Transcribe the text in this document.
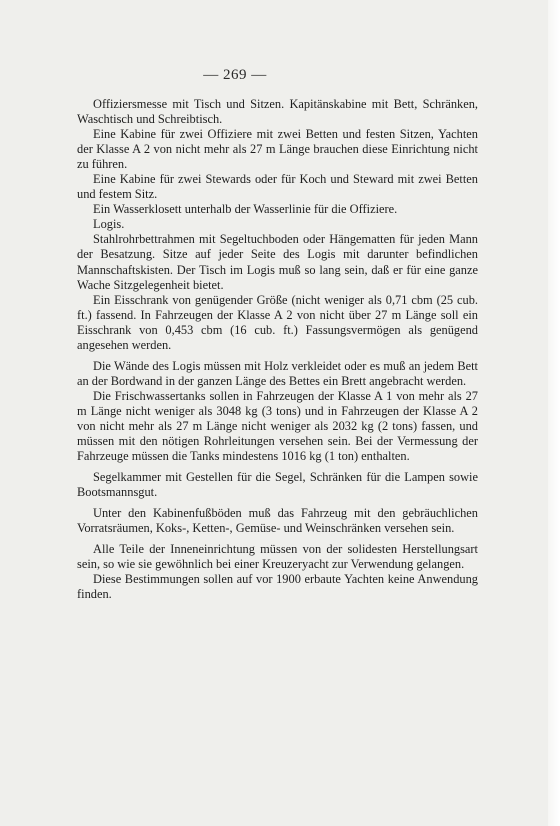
— 269 —

Offiziersmesse mit Tisch und Sitzen. Kapitänskabine mit Bett, Schränken, Waschtisch und Schreibtisch.

Eine Kabine für zwei Offiziere mit zwei Betten und festen Sitzen, Yachten der Klasse A 2 von nicht mehr als 27 m Länge brauchen diese Einrichtung nicht zu führen.

Eine Kabine für zwei Stewards oder für Koch und Steward mit zwei Betten und festem Sitz.

Ein Wasserklosett unterhalb der Wasserlinie für die Offiziere.

Logis.

Stahlrohrbettrahmen mit Segeltuchboden oder Hängematten für jeden Mann der Besatzung. Sitze auf jeder Seite des Logis mit darunter befindlichen Mannschaftskisten. Der Tisch im Logis muß so lang sein, daß er für eine ganze Wache Sitzgelegenheit bietet.

Ein Eisschrank von genügender Größe (nicht weniger als 0,71 cbm (25 cub. ft.) fassend. In Fahrzeugen der Klasse A 2 von nicht über 27 m Länge soll ein Eisschrank von 0,453 cbm (16 cub. ft.) Fassungsvermögen als genügend angesehen werden.

Die Wände des Logis müssen mit Holz verkleidet oder es muß an jedem Bett an der Bordwand in der ganzen Länge des Bettes ein Brett angebracht werden.

Die Frischwassertanks sollen in Fahrzeugen der Klasse A 1 von mehr als 27 m Länge nicht weniger als 3048 kg (3 tons) und in Fahrzeugen der Klasse A 2 von nicht mehr als 27 m Länge nicht weniger als 2032 kg (2 tons) fassen, und müssen mit den nötigen Rohrleitungen versehen sein. Bei der Vermessung der Fahrzeuge müssen die Tanks mindestens 1016 kg (1 ton) enthalten.

Segelkammer mit Gestellen für die Segel, Schränken für die Lampen sowie Bootsmannsgut.

Unter den Kabinenfußböden muß das Fahrzeug mit den gebräuchlichen Vorratsräumen, Koks-, Ketten-, Gemüse- und Weinschränken versehen sein.

Alle Teile der Inneneinrichtung müssen von der solidesten Herstellungsart sein, so wie sie gewöhnlich bei einer Kreuzeryacht zur Verwendung gelangen.

Diese Bestimmungen sollen auf vor 1900 erbaute Yachten keine Anwendung finden.
